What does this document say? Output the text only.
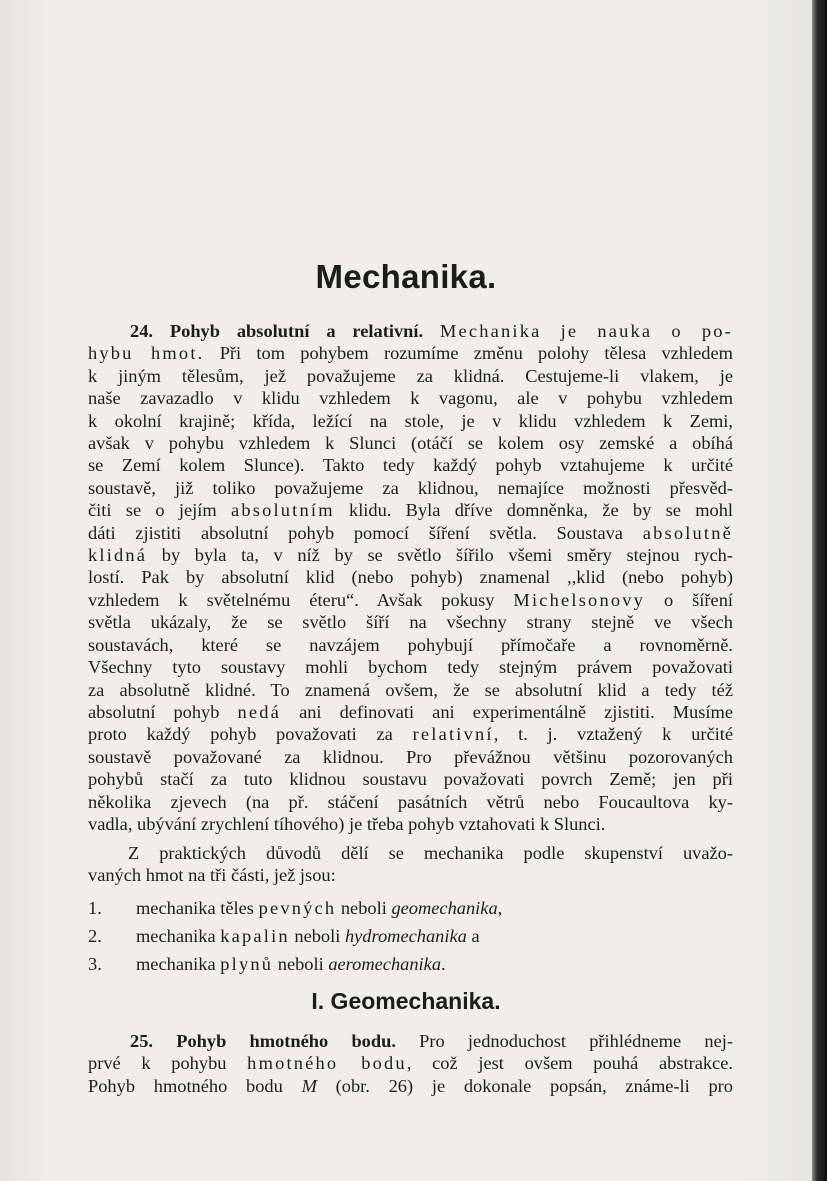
Mechanika.
24. Pohyb absolutní a relativní. Mechanika je nauka o po-
hybu hmot. Při tom pohybem rozumíme změnu polohy tělesa vzhledem
k jiným tělesům, jež považujeme za klidná. Cestujeme-li vlakem, je
naše zavazadlo v klidu vzhledem k vagonu, ale v pohybu vzhledem
k okolní krajině; křída, ležící na stole, je v klidu vzhledem k Zemi,
avšak v pohybu vzhledem k Slunci (otáčí se kolem osy zemské a obíhá
se Zemí kolem Slunce). Takto tedy každý pohyb vztahujeme k určité
soustavě, již toliko považujeme za klidnou, nemajíce možnosti přesvěd-
čiti se o jejím absolutním klidu. Byla dříve domněnka, že by se mohl
dáti zjistiti absolutní pohyb pomocí šíření světla. Soustava absolutně
klidná by byla ta, v níž by se světlo šířilo všemi směry stejnou rych-
lostí. Pak by absolutní klid (nebo pohyb) znamenal ,,klid (nebo pohyb)
vzhledem k světelnému éteru“. Avšak pokusy Michelsonovy o šíření
světla ukázaly, že se světlo šíří na všechny strany stejně ve všech
soustavách, které se navzájem pohybují přímočaře a rovnoměrně.
Všechny tyto soustavy mohli bychom tedy stejným právem považovati
za absolutně klidné. To znamená ovšem, že se absolutní klid a tedy též
absolutní pohyb nedá ani definovati ani experimentálně zjistiti. Musíme
proto každý pohyb považovati za relativní, t. j. vztažený k určité
soustavě považované za klidnou. Pro převážnou většinu pozorovaných
pohybů stačí za tuto klidnou soustavu považovati povrch Země; jen při
několika zjevech (na př. stáčení pasátních větrů nebo Foucaultova ky-
vadla, ubývání zrychlení tíhového) je třeba pohyb vztahovati k Slunci.
Z praktických důvodů dělí se mechanika podle skupenství uvažo-
vaných hmot na tři části, jež jsou:
1. mechanika těles pevných neboli geomechanika,
2. mechanika kapalin neboli hydromechanika a
3. mechanika plynů neboli aeromechanika.
I. Geomechanika.
25. Pohyb hmotného bodu. Pro jednoduchost přihlédneme nej-
prvé k pohybu hmotného bodu, což jest ovšem pouhá abstrakce.
Pohyb hmotného bodu M (obr. 26) je dokonale popsán, známe-li pro
